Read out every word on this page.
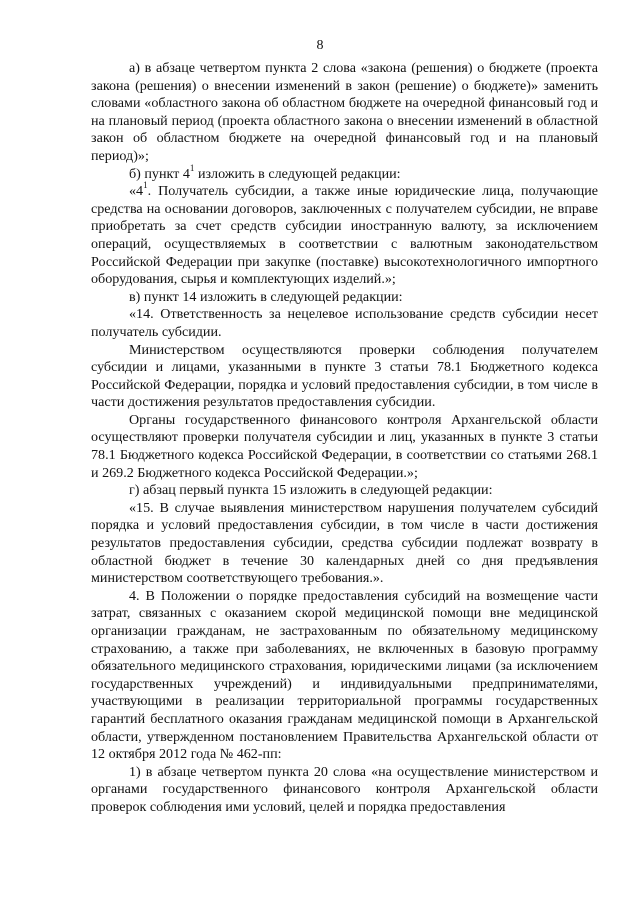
8

а) в абзаце четвертом пункта 2 слова «закона (решения) о бюджете (проекта закона (решения) о внесении изменений в закон (решение) о бюджете)» заменить словами «областного закона об областном бюджете на очередной финансовый год и на плановый период (проекта областного закона о внесении изменений в областной закон об областном бюджете на очередной финансовый год и на плановый период)»;

б) пункт $4^1$ изложить в следующей редакции:

«$4^1$. Получатель субсидии, а также иные юридические лица, получающие средства на основании договоров, заключенных с получателем субсидии, не вправе приобретать за счет средств субсидии иностранную валюту, за исключением операций, осуществляемых в соответствии с валютным законодательством Российской Федерации при закупке (поставке) высокотехнологичного импортного оборудования, сырья и комплектующих изделий.»;

в) пункт 14 изложить в следующей редакции:

«14. Ответственность за нецелевое использование средств субсидии несет получатель субсидии.

Министерством осуществляются проверки соблюдения получателем субсидии и лицами, указанными в пункте 3 статьи 78.1 Бюджетного кодекса Российской Федерации, порядка и условий предоставления субсидии, в том числе в части достижения результатов предоставления субсидии.

Органы государственного финансового контроля Архангельской области осуществляют проверки получателя субсидии и лиц, указанных в пункте 3 статьи 78.1 Бюджетного кодекса Российской Федерации, в соответствии со статьями 268.1 и 269.2 Бюджетного кодекса Российской Федерации.»;

г) абзац первый пункта 15 изложить в следующей редакции:

«15. В случае выявления министерством нарушения получателем субсидий порядка и условий предоставления субсидии, в том числе в части достижения результатов предоставления субсидии, средства субсидии подлежат возврату в областной бюджет в течение 30 календарных дней со дня предъявления министерством соответствующего требования.».

4. В Положении о порядке предоставления субсидий на возмещение части затрат, связанных с оказанием скорой медицинской помощи вне медицинской организации гражданам, не застрахованным по обязательному медицинскому страхованию, а также при заболеваниях, не включенных в базовую программу обязательного медицинского страхования, юридическими лицами (за исключением государственных учреждений) и индивидуальными предпринимателями, участвующими в реализации территориальной программы государственных гарантий бесплатного оказания гражданам медицинской помощи в Архангельской области, утвержденном постановлением Правительства Архангельской области от 12 октября 2012 года № 462-пп:

1) в абзаце четвертом пункта 20 слова «на осуществление министерством и органами государственного финансового контроля Архангельской области проверок соблюдения ими условий, целей и порядка предоставления
